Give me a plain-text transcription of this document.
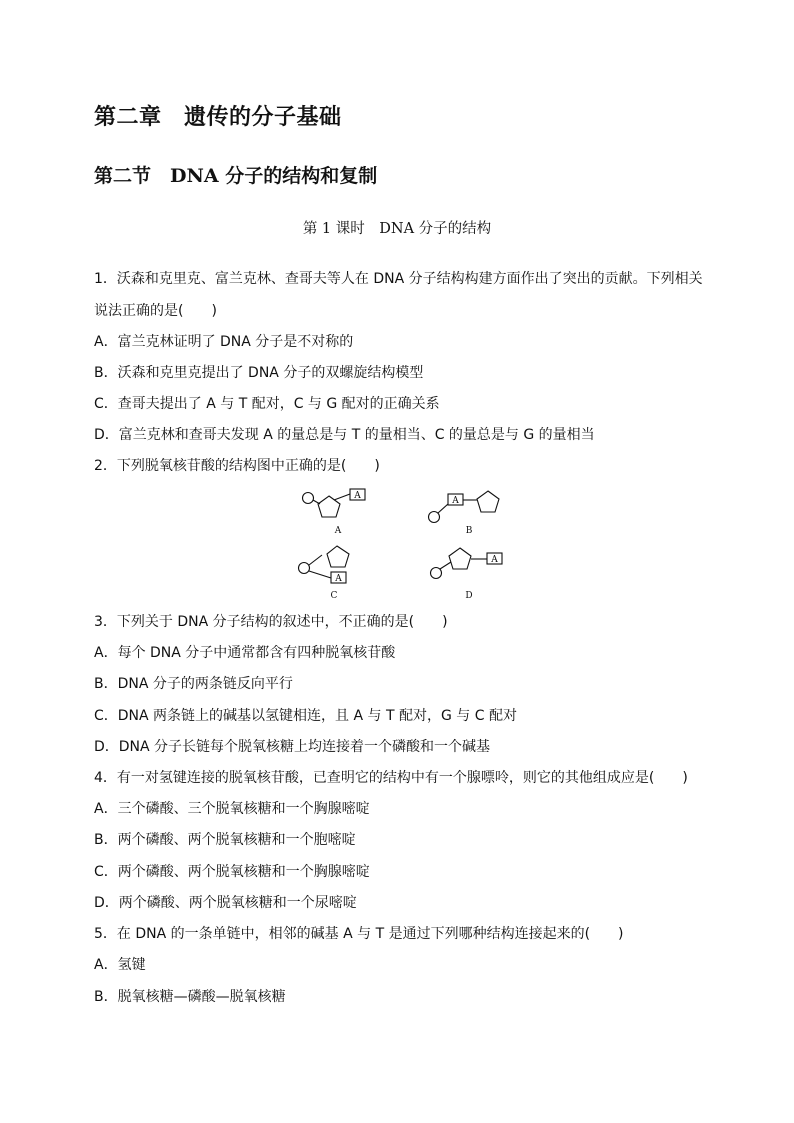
第二章　遗传的分子基础
第二节　DNA 分子的结构和复制
第 1 课时　DNA 分子的结构
1．沃森和克里克、富兰克林、查哥夫等人在 DNA 分子结构构建方面作出了突出的贡献。下列相关
说法正确的是(　　)
A．富兰克林证明了 DNA 分子是不对称的
B．沃森和克里克提出了 DNA 分子的双螺旋结构模型
C．查哥夫提出了 A 与 T 配对，C 与 G 配对的正确关系
D．富兰克林和查哥夫发现 A 的量总是与 T 的量相当、C 的量总是与 G 的量相当
2．下列脱氧核苷酸的结构图中正确的是(　　)
A	A
A
A
A	B
C	D
3．下列关于 DNA 分子结构的叙述中，不正确的是(　　)
A．每个 DNA 分子中通常都含有四种脱氧核苷酸
B．DNA 分子的两条链反向平行
C．DNA 两条链上的碱基以氢键相连，且 A 与 T 配对，G 与 C 配对
D．DNA 分子长链每个脱氧核糖上均连接着一个磷酸和一个碱基
4．有一对氢键连接的脱氧核苷酸，已查明它的结构中有一个腺嘌呤，则它的其他组成应是(　　)
A．三个磷酸、三个脱氧核糖和一个胸腺嘧啶
B．两个磷酸、两个脱氧核糖和一个胞嘧啶
C．两个磷酸、两个脱氧核糖和一个胸腺嘧啶
D．两个磷酸、两个脱氧核糖和一个尿嘧啶
5．在 DNA 的一条单链中，相邻的碱基 A 与 T 是通过下列哪种结构连接起来的(　　)
A．氢键
B．脱氧核糖—磷酸—脱氧核糖
